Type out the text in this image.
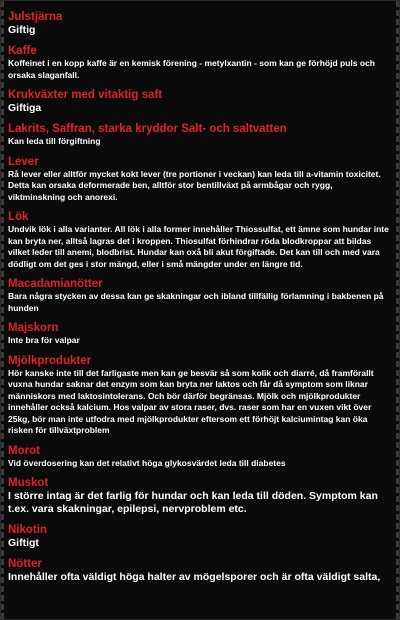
Julstjärna

Giftig

Kaffe

Koffeinet i en kopp kaffe är en kemisk förening - metylxantin - som kan ge förhöjd puls och orsaka slaganfall.

Krukväxter med vitaktig saft

Giftiga

Lakrits, Saffran, starka kryddor Salt- och saltvatten

Kan leda till förgiftning

Lever

Rå lever eller alltför mycket kokt lever (tre portioner i veckan) kan leda till a-vitamin toxicitet. Detta kan orsaka deformerade ben, alltför stor bentillväxt på armbågar och rygg, viktminskning och anorexi.

Lök

Undvik lök i alla varianter. All lök i alla former innehåller Thiossulfat, ett ämne som hundar inte kan bryta ner, alltså lagras det i kroppen. Thiosulfat förhindrar röda blodkroppar att bildas vilket leder till anemi, blodbrist. Hundar kan oxå bli akut förgiftade. Det kan till och med vara dödligt om det ges i stor mängd, eller i små mängder under en längre tid.

Macadamianötter

Bara några stycken av dessa kan ge skakningar och ibland tillfällig förlamning i bakbenen på hunden

Majskorn

Inte bra för valpar

Mjölkprodukter

Hör kanske inte till det farligaste men kan ge besvär så som kolik och diarré, då framförallt vuxna hundar saknar det enzym som kan bryta ner laktos och får då symptom som liknar människors med laktosintolerans. Och bör därför begränsas. Mjölk och mjölkprodukter innehåller också kalcium. Hos valpar av stora raser, dvs. raser som har en vuxen vikt över 25kg, bör man inte utfodra med mjölkprodukter eftersom ett förhöjt kalciumintag kan öka risken för tillväxtproblem

Morot

Vid överdosering kan det relativt höga glykosvärdet leda till diabetes

Muskot

I större intag är det farlig för hundar och kan leda till döden. Symptom kan t.ex. vara skakningar, epilepsi, nervproblem etc.

Nikotin

Giftigt

Nötter

Innehåller ofta väldigt höga halter av mögelsporer och är ofta väldigt salta,
